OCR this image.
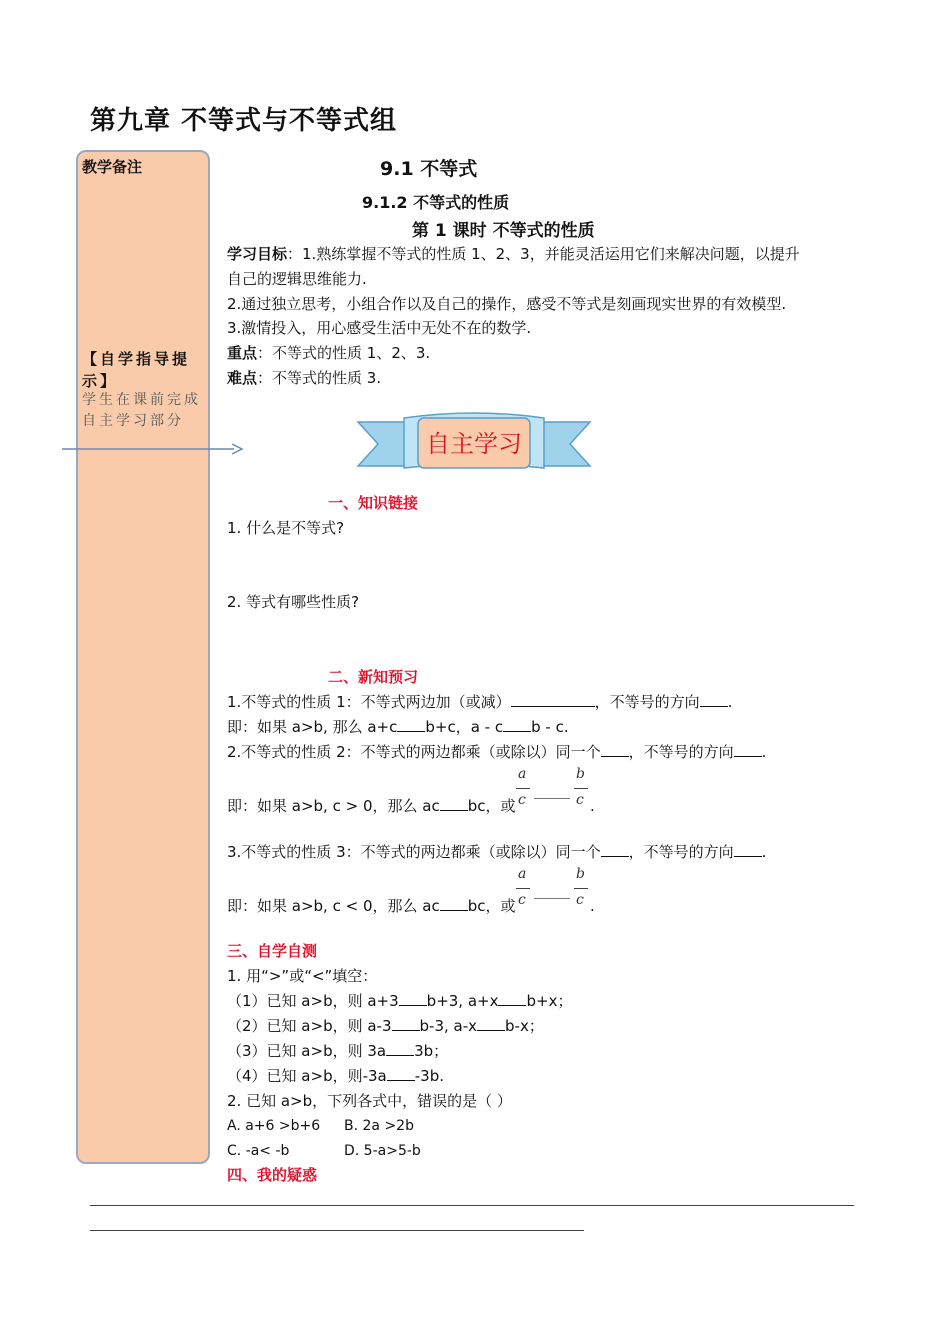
第九章 不等式与不等式组
教学备注
【自学指导提示】
学生在课前完成自主学习部分
9.1 不等式
9.1.2 不等式的性质
第 1 课时 不等式的性质
学习目标：1.熟练掌握不等式的性质 1、2、3，并能灵活运用它们来解决问题，以提升
自己的逻辑思维能力.
2.通过独立思考，小组合作以及自己的操作，感受不等式是刻画现实世界的有效模型.
3.激情投入，用心感受生活中无处不在的数学.
重点：不等式的性质 1、2、3.
难点：不等式的性质 3.
自主学习
一、知识链接
1. 什么是不等式?
2. 等式有哪些性质?
二、新知预习
1.不等式的性质 1：不等式两边加（或减）	，不等号的方向 .
即：如果 a>b, 那么 a+c b+c，a - c b - c.
2.不等式的性质 2：不等式的两边都乘（或除以）同一个 ，不等号的方向 .
即：如果 a>b, c > 0，那么 ac bc，或
a
c
b
c .
3.不等式的性质 3：不等式的两边都乘（或除以）同一个 ，不等号的方向 .
即：如果 a>b, c < 0，那么 ac bc，或
a
c
b
c .
三、自学自测
1. 用“>”或“<”填空：
（1）已知 a>b，则 a+3 b+3, a+x b+x；
（2）已知 a>b，则 a-3 b-3, a-x b-x；
（3）已知 a>b，则 3a 3b；
（4）已知 a>b，则-3a -3b.
2. 已知 a>b，下列各式中，错误的是（ ）
A. a+6 >b+6 B. 2a >2b
C. -a< -b	D. 5-a>5-b
四、我的疑惑
